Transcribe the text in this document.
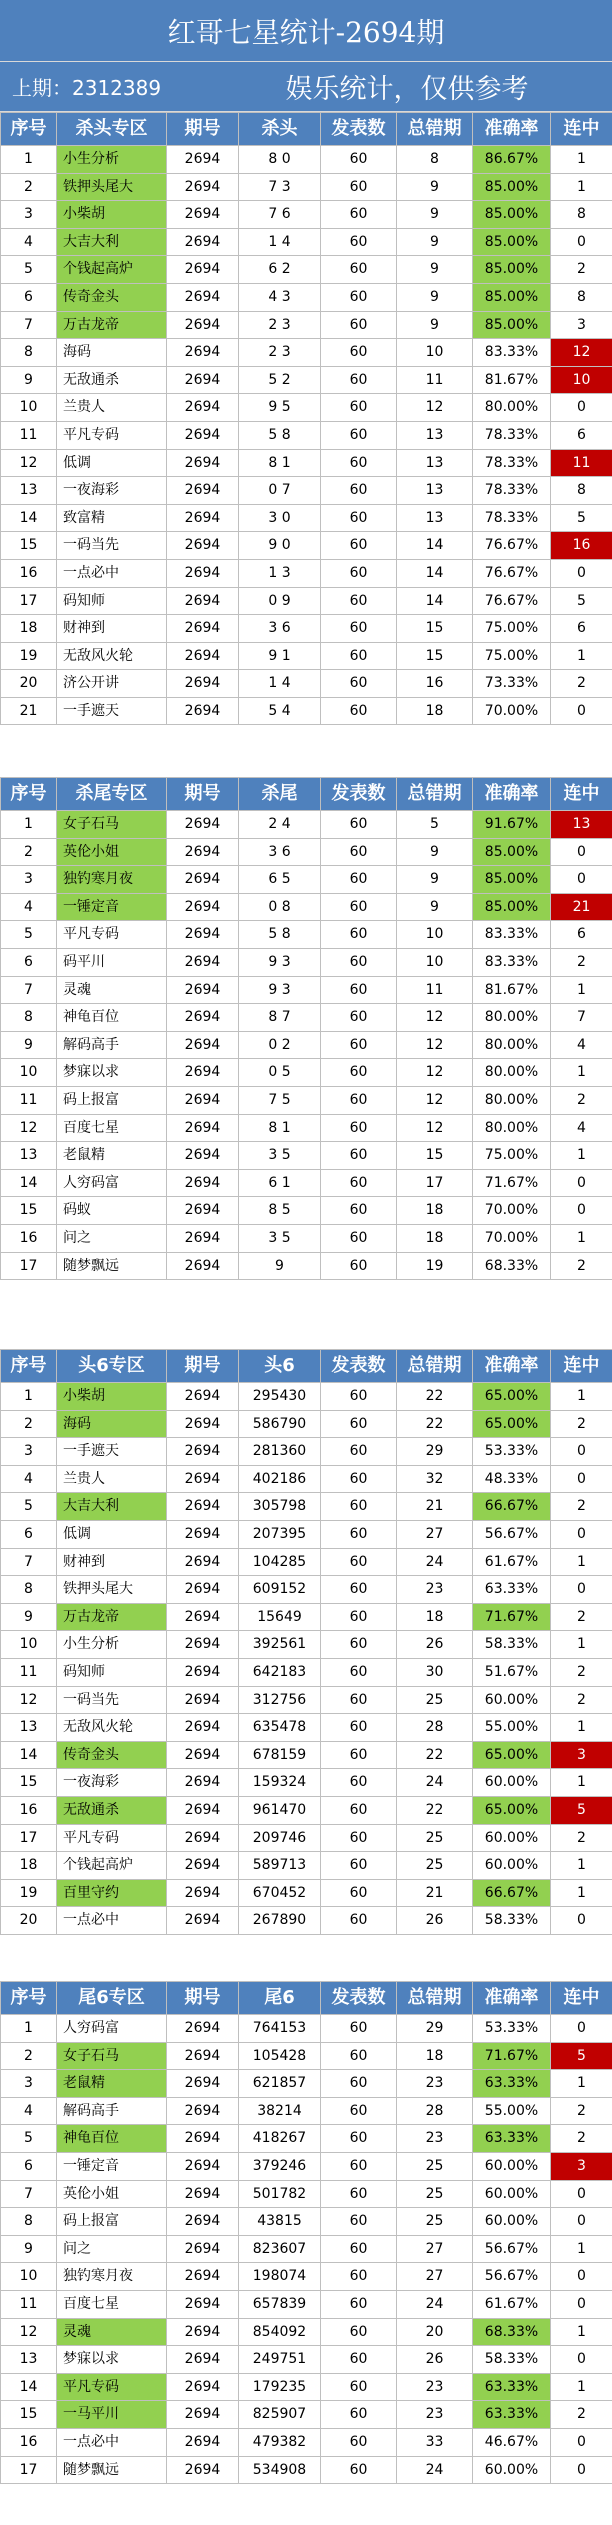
红哥七星统计-2694期
上期：2312389	娱乐统计，仅供参考
序号	杀头专区	期号	杀头	发表数	总错期	准确率	连中
1	小生分析	2694	8 0	60	8	86.67%	1
2	铁押头尾大	2694	7 3	60	9	85.00%	1
3	小柴胡	2694	7 6	60	9	85.00%	8
4	大吉大利	2694	1 4	60	9	85.00%	0
5	个钱起高炉	2694	6 2	60	9	85.00%	2
6	传奇金头	2694	4 3	60	9	85.00%	8
7	万古龙帝	2694	2 3	60	9	85.00%	3
8	海码	2694	2 3	60	10	83.33%	12
9	无敌通杀	2694	5 2	60	11	81.67%	10
10	兰贵人	2694	9 5	60	12	80.00%	0
11	平凡专码	2694	5 8	60	13	78.33%	6
12	低调	2694	8 1	60	13	78.33%	11
13	一夜海彩	2694	0 7	60	13	78.33%	8
14	致富精	2694	3 0	60	13	78.33%	5
15	一码当先	2694	9 0	60	14	76.67%	16
16	一点必中	2694	1 3	60	14	76.67%	0
17	码知师	2694	0 9	60	14	76.67%	5
18	财神到	2694	3 6	60	15	75.00%	6
19	无敌风火轮	2694	9 1	60	15	75.00%	1
20	济公开讲	2694	1 4	60	16	73.33%	2
21	一手遮天	2694	5 4	60	18	70.00%	0
序号	杀尾专区	期号	杀尾	发表数	总错期	准确率	连中
1	女子石马	2694	2 4	60	5	91.67%	13
2	英伦小姐	2694	3 6	60	9	85.00%	0
3	独钓寒月夜	2694	6 5	60	9	85.00%	0
4	一锤定音	2694	0 8	60	9	85.00%	21
5	平凡专码	2694	5 8	60	10	83.33%	6
6	码平川	2694	9 3	60	10	83.33%	2
7	灵魂	2694	9 3	60	11	81.67%	1
8	神龟百位	2694	8 7	60	12	80.00%	7
9	解码高手	2694	0 2	60	12	80.00%	4
10	梦寐以求	2694	0 5	60	12	80.00%	1
11	码上报富	2694	7 5	60	12	80.00%	2
12	百度七星	2694	8 1	60	12	80.00%	4
13	老鼠精	2694	3 5	60	15	75.00%	1
14	人穷码富	2694	6 1	60	17	71.67%	0
15	码蚁	2694	8 5	60	18	70.00%	0
16	问之	2694	3 5	60	18	70.00%	1
17	随梦飘远	2694	9	60	19	68.33%	2
序号	头6专区	期号	头6	发表数	总错期	准确率	连中
1	小柴胡	2694	295430	60	22	65.00%	1
2	海码	2694	586790	60	22	65.00%	2
3	一手遮天	2694	281360	60	29	53.33%	0
4	兰贵人	2694	402186	60	32	48.33%	0
5	大吉大利	2694	305798	60	21	66.67%	2
6	低调	2694	207395	60	27	56.67%	0
7	财神到	2694	104285	60	24	61.67%	1
8	铁押头尾大	2694	609152	60	23	63.33%	0
9	万古龙帝	2694	15649	60	18	71.67%	2
10	小生分析	2694	392561	60	26	58.33%	1
11	码知师	2694	642183	60	30	51.67%	2
12	一码当先	2694	312756	60	25	60.00%	2
13	无敌风火轮	2694	635478	60	28	55.00%	1
14	传奇金头	2694	678159	60	22	65.00%	3
15	一夜海彩	2694	159324	60	24	60.00%	1
16	无敌通杀	2694	961470	60	22	65.00%	5
17	平凡专码	2694	209746	60	25	60.00%	2
18	个钱起高炉	2694	589713	60	25	60.00%	1
19	百里守约	2694	670452	60	21	66.67%	1
20	一点必中	2694	267890	60	26	58.33%	0
序号	尾6专区	期号	尾6	发表数	总错期	准确率	连中
1	人穷码富	2694	764153	60	29	53.33%	0
2	女子石马	2694	105428	60	18	71.67%	5
3	老鼠精	2694	621857	60	23	63.33%	1
4	解码高手	2694	38214	60	28	55.00%	2
5	神龟百位	2694	418267	60	23	63.33%	2
6	一锤定音	2694	379246	60	25	60.00%	3
7	英伦小姐	2694	501782	60	25	60.00%	0
8	码上报富	2694	43815	60	25	60.00%	0
9	问之	2694	823607	60	27	56.67%	1
10	独钓寒月夜	2694	198074	60	27	56.67%	0
11	百度七星	2694	657839	60	24	61.67%	0
12	灵魂	2694	854092	60	20	68.33%	1
13	梦寐以求	2694	249751	60	26	58.33%	0
14	平凡专码	2694	179235	60	23	63.33%	1
15	一马平川	2694	825907	60	23	63.33%	2
16	一点必中	2694	479382	60	33	46.67%	0
17	随梦飘远	2694	534908	60	24	60.00%	0
